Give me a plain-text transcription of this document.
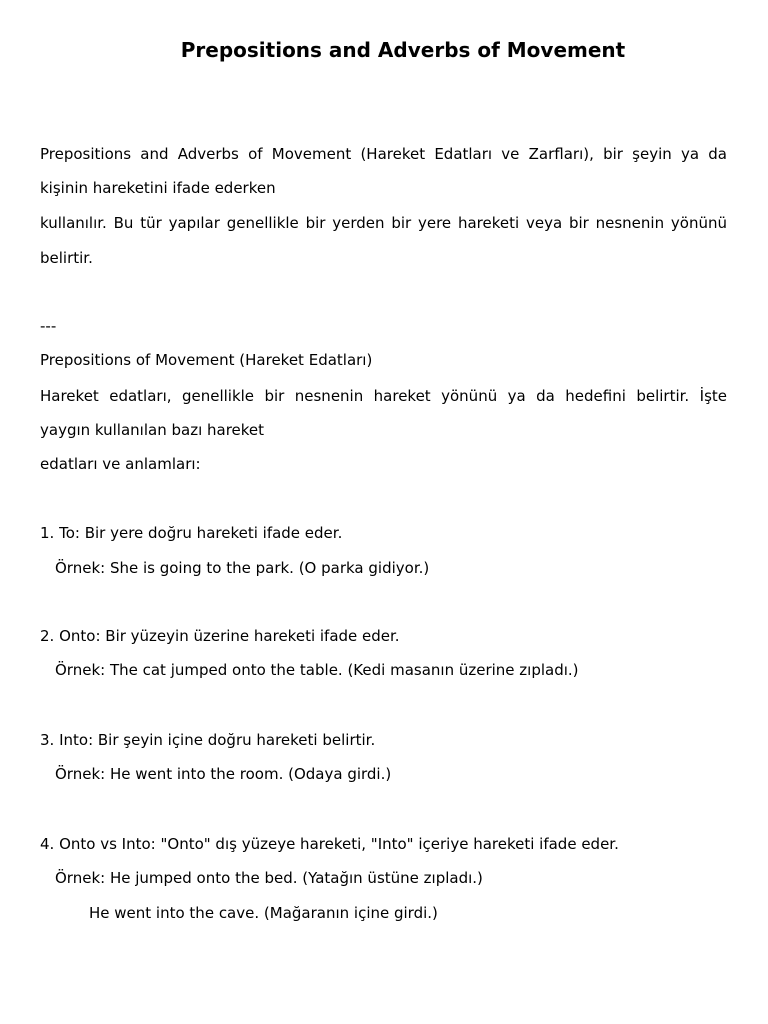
Prepositions and Adverbs of Movement
Prepositions and Adverbs of Movement (Hareket Edatları ve Zarfları), bir şeyin ya da
kişinin hareketini ifade ederken
kullanılır. Bu tür yapılar genellikle bir yerden bir yere hareketi veya bir nesnenin yönünü
belirtir.
---
Prepositions of Movement (Hareket Edatları)
Hareket edatları, genellikle bir nesnenin hareket yönünü ya da hedefini belirtir. İşte
yaygın kullanılan bazı hareket
edatları ve anlamları:
1. To: Bir yere doğru hareketi ifade eder.
Örnek: She is going to the park. (O parka gidiyor.)
2. Onto: Bir yüzeyin üzerine hareketi ifade eder.
Örnek: The cat jumped onto the table. (Kedi masanın üzerine zıpladı.)
3. Into: Bir şeyin içine doğru hareketi belirtir.
Örnek: He went into the room. (Odaya girdi.)
4. Onto vs Into: "Onto" dış yüzeye hareketi, "Into" içeriye hareketi ifade eder.
Örnek: He jumped onto the bed. (Yatağın üstüne zıpladı.)
He went into the cave. (Mağaranın içine girdi.)
